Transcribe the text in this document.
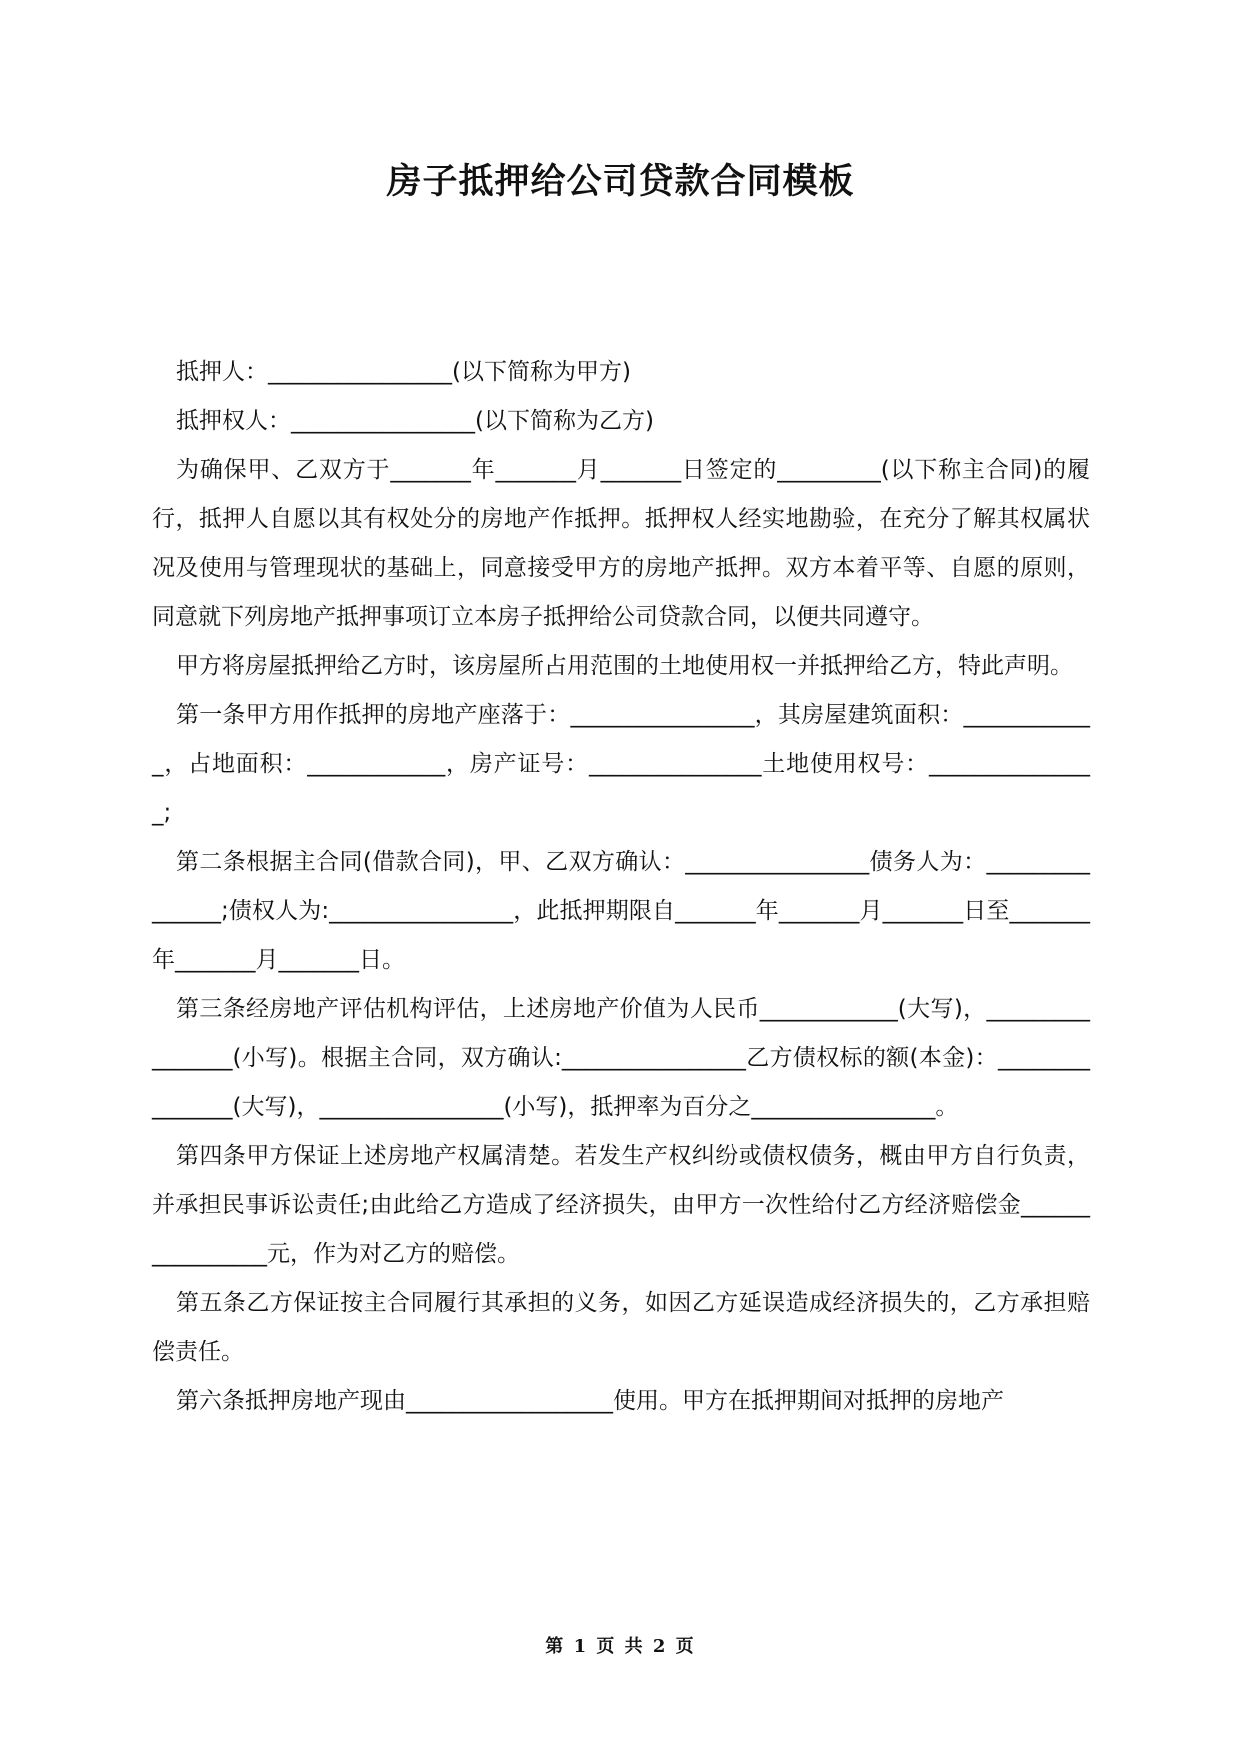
房子抵押给公司贷款合同模板

抵押人：________________(以下简称为甲方)

抵押权人：________________(以下简称为乙方)

为确保甲、乙双方于_______年_______月_______日签定的_________(以下称主合同)的履行，抵押人自愿以其有权处分的房地产作抵押。抵押权人经实地勘验，在充分了解其权属状况及使用与管理现状的基础上，同意接受甲方的房地产抵押。双方本着平等、自愿的原则，同意就下列房地产抵押事项订立本房子抵押给公司贷款合同，以便共同遵守。

甲方将房屋抵押给乙方时，该房屋所占用范围的土地使用权一并抵押给乙方，特此声明。

第一条甲方用作抵押的房地产座落于：________________，其房屋建筑面积：____________，占地面积：____________，房产证号：_______________土地使用权号：_______________;

第二条根据主合同(借款合同)，甲、乙双方确认：________________债务人为：_______________;债权人为:________________，此抵押期限自_______年_______月_______日至_______年_______月_______日。

第三条经房地产评估机构评估，上述房地产价值为人民币____________(大写)，________________(小写)。根据主合同，双方确认:________________乙方债权标的额(本金)：_______________(大写)，________________(小写)，抵押率为百分之________________。

第四条甲方保证上述房地产权属清楚。若发生产权纠纷或债权债务，概由甲方自行负责，并承担民事诉讼责任;由此给乙方造成了经济损失，由甲方一次性给付乙方经济赔偿金________________元，作为对乙方的赔偿。

第五条乙方保证按主合同履行其承担的义务，如因乙方延误造成经济损失的，乙方承担赔偿责任。

第六条抵押房地产现由__________________使用。甲方在抵押期间对抵押的房地产

第 1 页 共 2 页
